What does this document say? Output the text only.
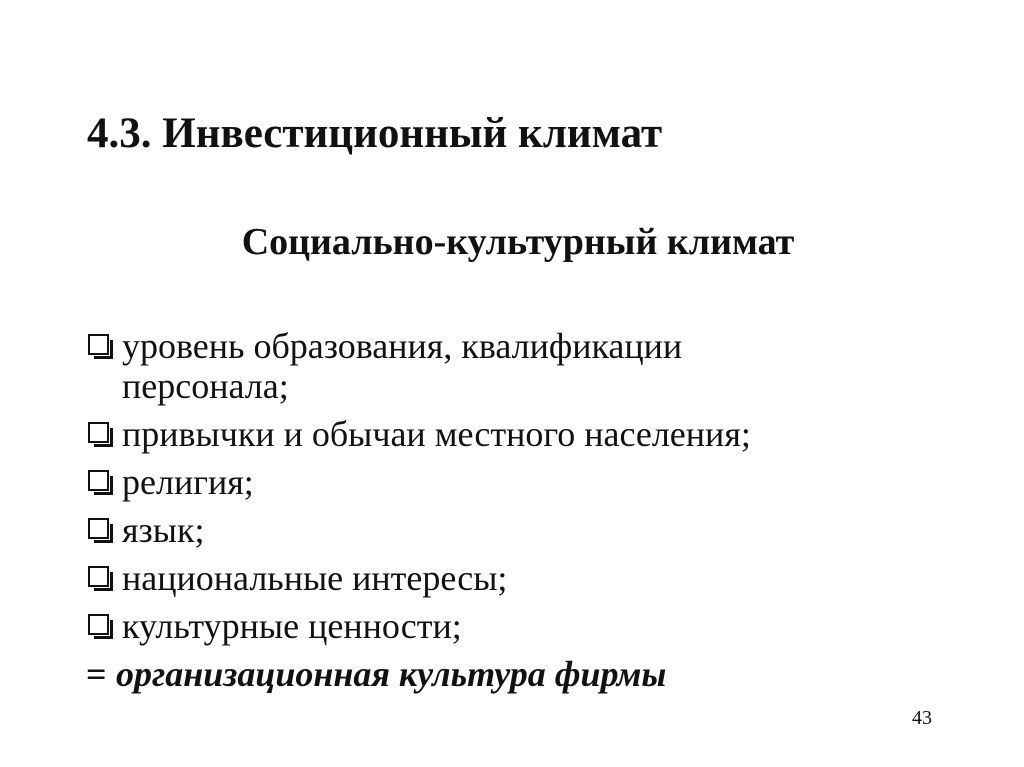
4.3. Инвестиционный климат
Социально-культурный климат
уровень образования, квалификации персонала;
привычки и обычаи местного населения;
религия;
язык;
национальные интересы;
культурные ценности;
= организационная культура фирмы
43
